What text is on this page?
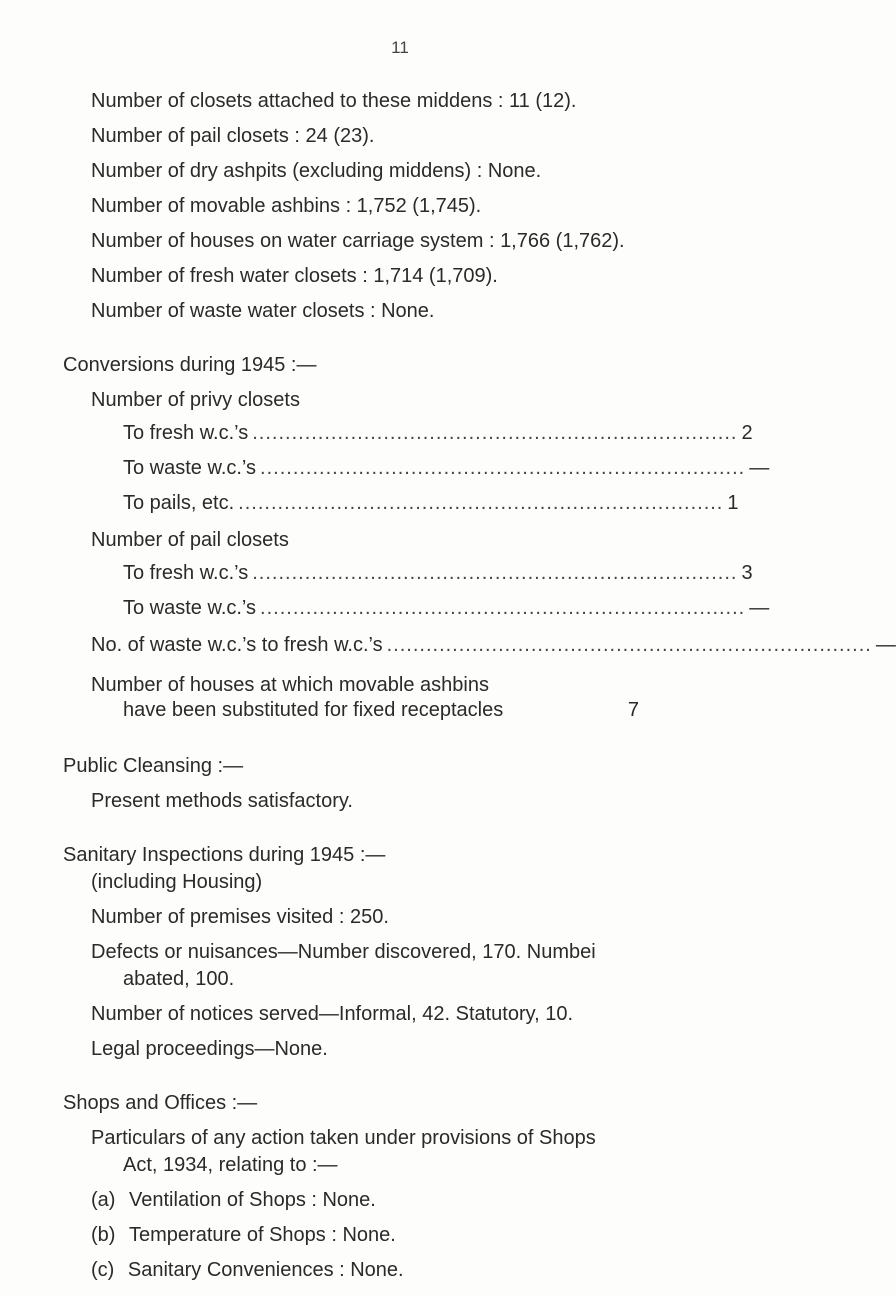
11
Number of closets attached to these middens : 11 (12).
Number of pail closets : 24 (23).
Number of dry ashpits (excluding middens) : None.
Number of movable ashbins : 1,752 (1,745).
Number of houses on water carriage system : 1,766 (1,762).
Number of fresh water closets : 1,714 (1,709).
Number of waste water closets : None.
Conversions during 1945 :—
Number of privy closets
To fresh w.c.’s .......................................................................... 2
To waste w.c.’s .......................................................................... —
To pails, etc. .......................................................................... 1
Number of pail closets
To fresh w.c.’s .......................................................................... 3
To waste w.c.’s .......................................................................... —
No. of waste w.c.’s to fresh w.c.’s .......................................................................... —
Number of houses at which movable ashbins
have been substituted for fixed receptacles	7
Public Cleansing :—
Present methods satisfactory.
Sanitary Inspections during 1945 :—
(including Housing)
Number of premises visited : 250.
Defects or nuisances—Number discovered, 170. Numbei
abated, 100.
Number of notices served—Informal, 42. Statutory, 10.
Legal proceedings—None.
Shops and Offices :—
Particulars of any action taken under provisions of Shops
Act, 1934, relating to :—
(a) Ventilation of Shops : None.
(b) Temperature of Shops : None.
(c) Sanitary Conveniences : None.
